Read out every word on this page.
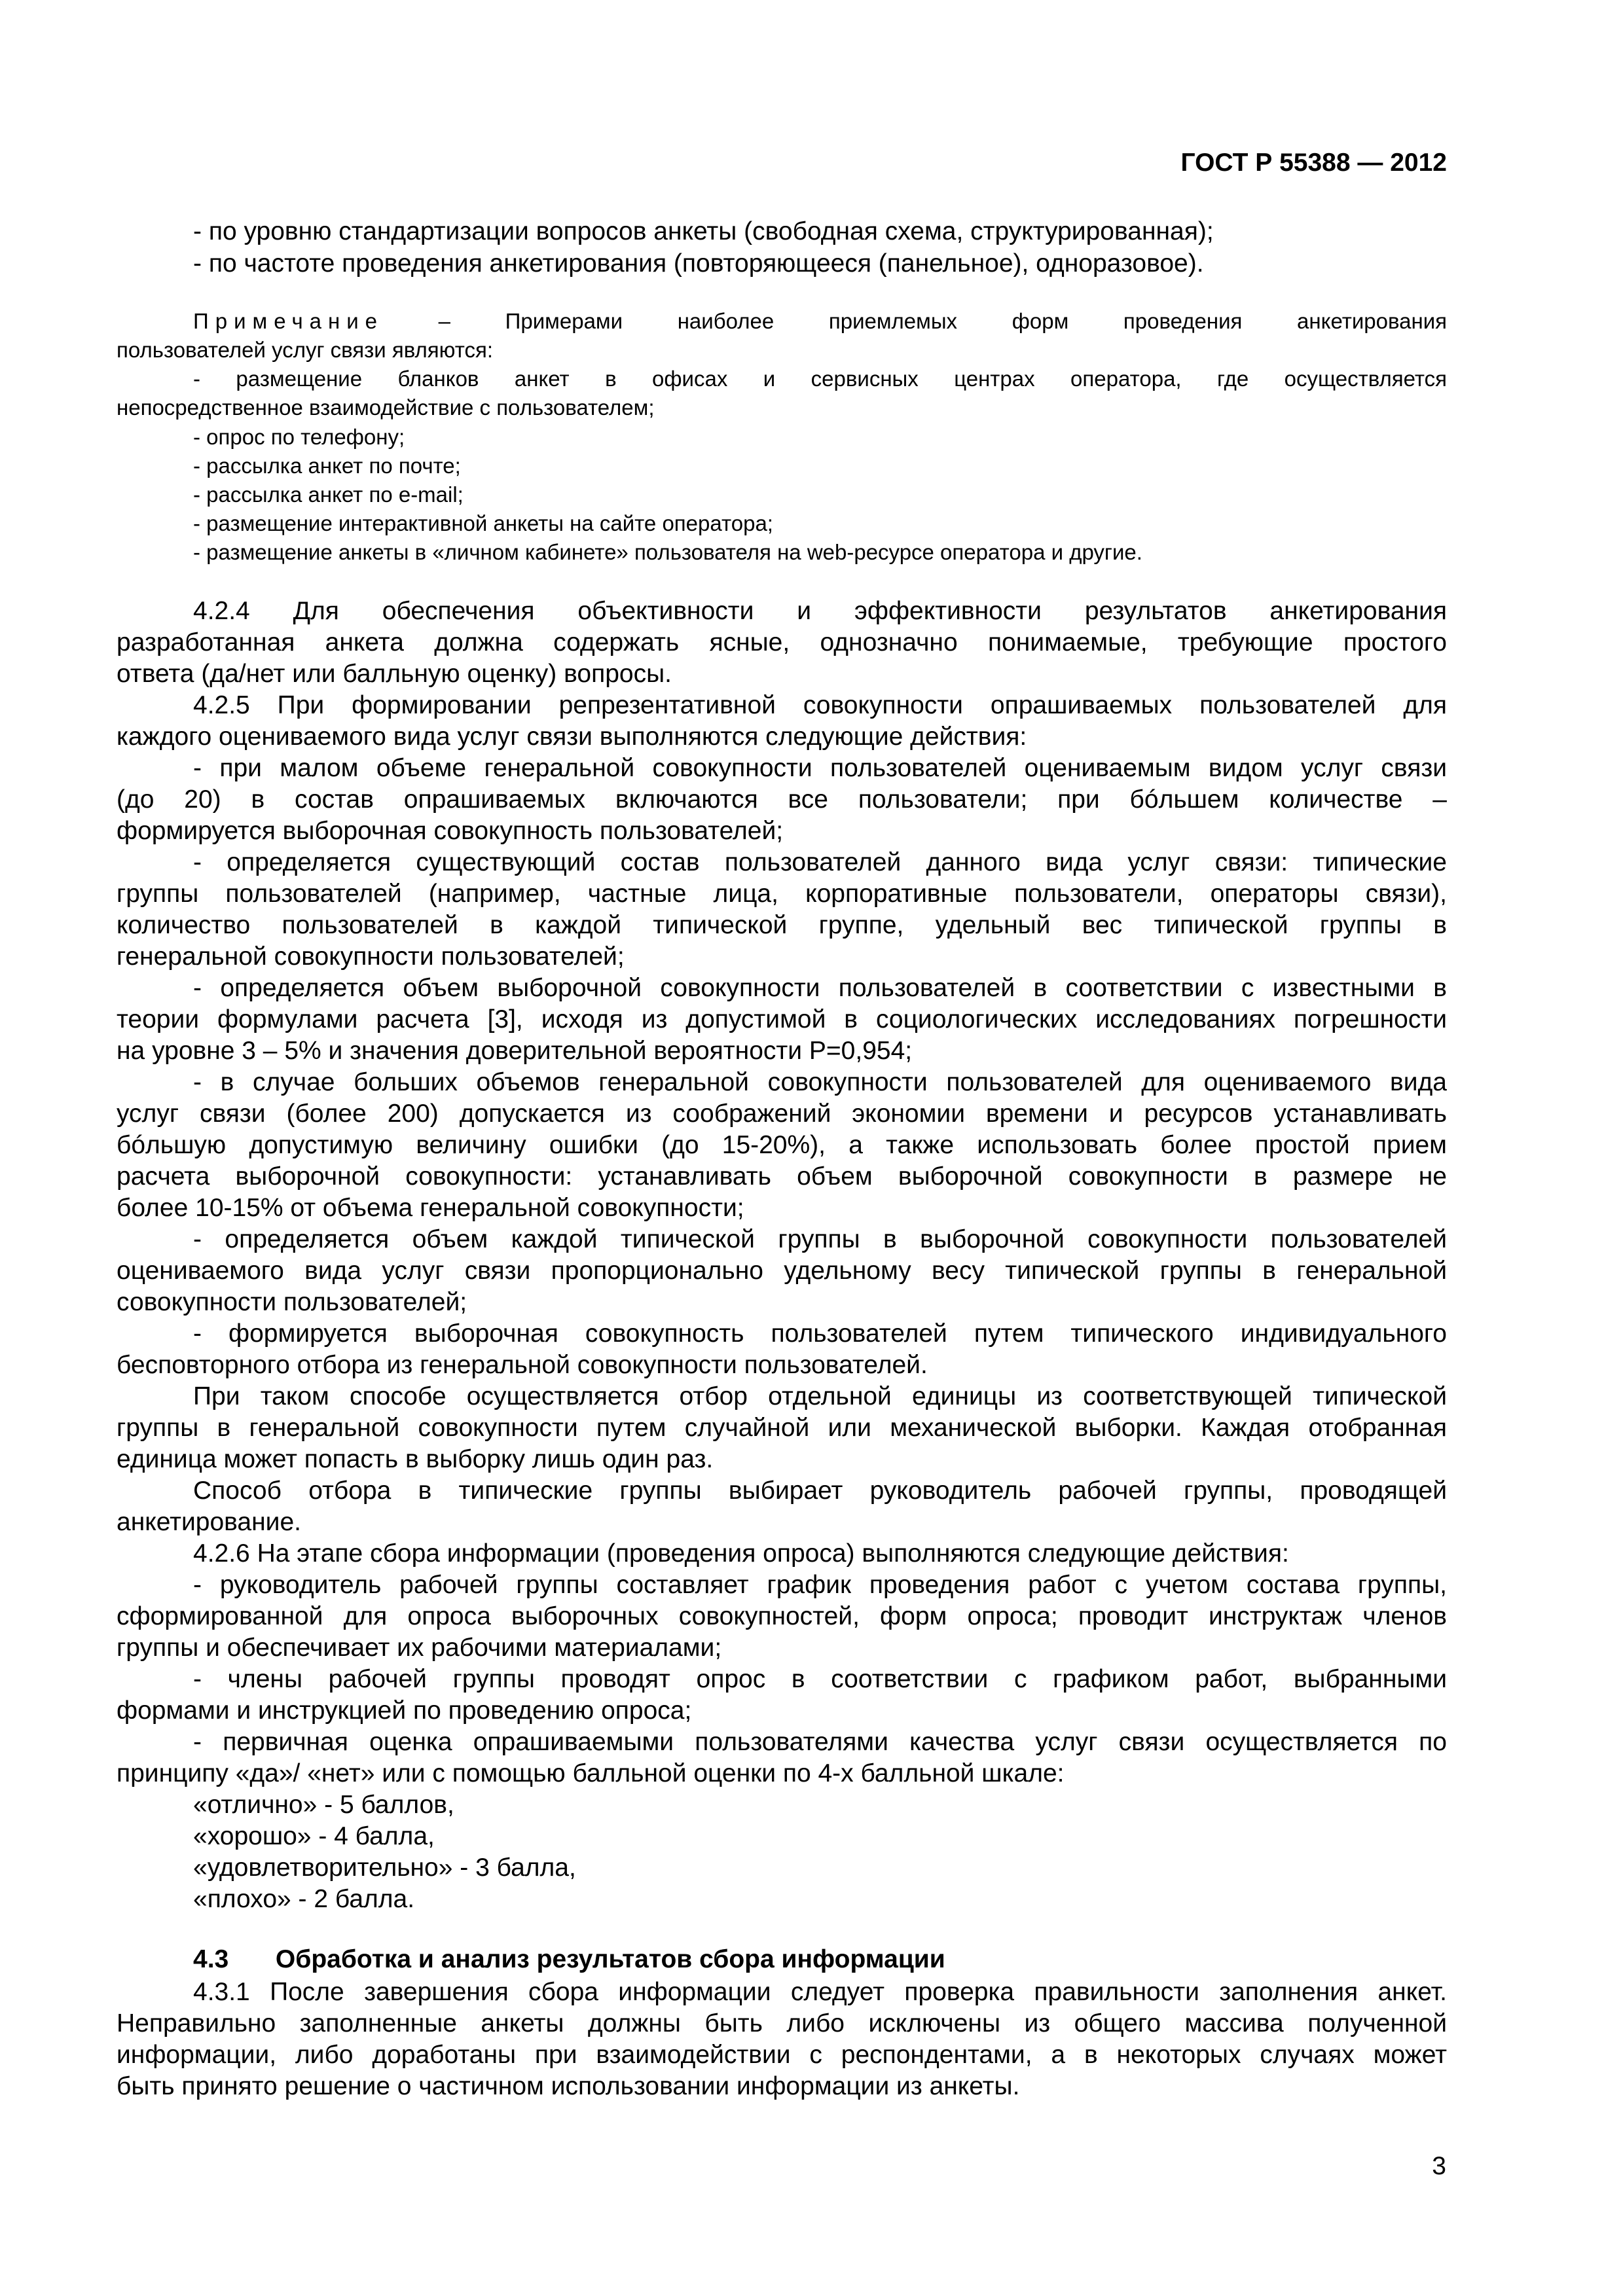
ГОСТ Р 55388 — 2012
- по уровню стандартизации вопросов анкеты (свободная схема, структурированная);
- по частоте проведения анкетирования (повторяющееся (панельное), одноразовое).
Примечание	– Примерами наиболее приемлемых форм проведения анкетирования
пользователей услуг связи являются:
- размещение бланков анкет в офисах и сервисных центрах оператора, где осуществляется
непосредственное взаимодействие с пользователем;
- опрос по телефону;
- рассылка анкет по почте;
- рассылка анкет по e-mail;
- размещение интерактивной анкеты на сайте оператора;
- размещение анкеты в «личном кабинете» пользователя на web-ресурсе оператора и другие.
4.2.4 Для обеспечения объективности и эффективности результатов анкетирования
разработанная анкета должна содержать ясные, однозначно понимаемые, требующие простого
ответа (да/нет или балльную оценку) вопросы.
4.2.5 При формировании репрезентативной совокупности опрашиваемых пользователей для
каждого оцениваемого вида услуг связи выполняются следующие действия:
- при малом объеме генеральной совокупности пользователей оцениваемым видом услуг связи
(до 20) в состав опрашиваемых включаются все пользователи; при бóльшем количестве –
формируется выборочная совокупность пользователей;
- определяется существующий состав пользователей данного вида услуг связи: типические
группы пользователей (например, частные лица, корпоративные пользователи, операторы связи),
количество пользователей в каждой типической группе, удельный вес типической группы в
генеральной совокупности пользователей;
- определяется объем выборочной совокупности пользователей в соответствии с известными в
теории формулами расчета [3], исходя из допустимой в социологических исследованиях погрешности
на уровне 3 – 5% и значения доверительной вероятности Р=0,954;
- в случае больших объемов генеральной совокупности пользователей для оцениваемого вида
услуг связи (более 200) допускается из соображений экономии времени и ресурсов устанавливать
бóльшую допустимую величину ошибки (до 15-20%), а также использовать более простой прием
расчета выборочной совокупности: устанавливать объем выборочной совокупности в размере не
более 10-15% от объема генеральной совокупности;
- определяется объем каждой типической группы в выборочной совокупности пользователей
оцениваемого вида услуг связи пропорционально удельному весу типической группы в генеральной
совокупности пользователей;
- формируется выборочная совокупность пользователей путем типического индивидуального
бесповторного отбора из генеральной совокупности пользователей.
При таком способе осуществляется отбор отдельной единицы из соответствующей типической
группы в генеральной совокупности путем случайной или механической выборки. Каждая отобранная
единица может попасть в выборку лишь один раз.
Способ отбора в типические группы выбирает руководитель рабочей группы, проводящей
анкетирование.
4.2.6 На этапе сбора информации (проведения опроса) выполняются следующие действия:
- руководитель рабочей группы составляет график проведения работ с учетом состава группы,
сформированной для опроса выборочных совокупностей, форм опроса; проводит инструктаж членов
группы и обеспечивает их рабочими материалами;
- члены рабочей группы проводят опрос в соответствии с графиком работ, выбранными
формами и инструкцией по проведению опроса;
- первичная оценка опрашиваемыми пользователями качества услуг связи осуществляется по
принципу «да»/ «нет» или с помощью балльной оценки по 4-х балльной шкале:
«отлично» - 5 баллов,
«хорошо» - 4 балла,
«удовлетворительно» - 3 балла,
«плохо» - 2 балла.
4.3 Обработка и анализ результатов сбора информации
4.3.1 После завершения сбора информации следует проверка правильности заполнения анкет.
Неправильно заполненные анкеты должны быть либо исключены из общего массива полученной
информации, либо доработаны при взаимодействии с респондентами, а в некоторых случаях может
быть принято решение о частичном использовании информации из анкеты.
3
